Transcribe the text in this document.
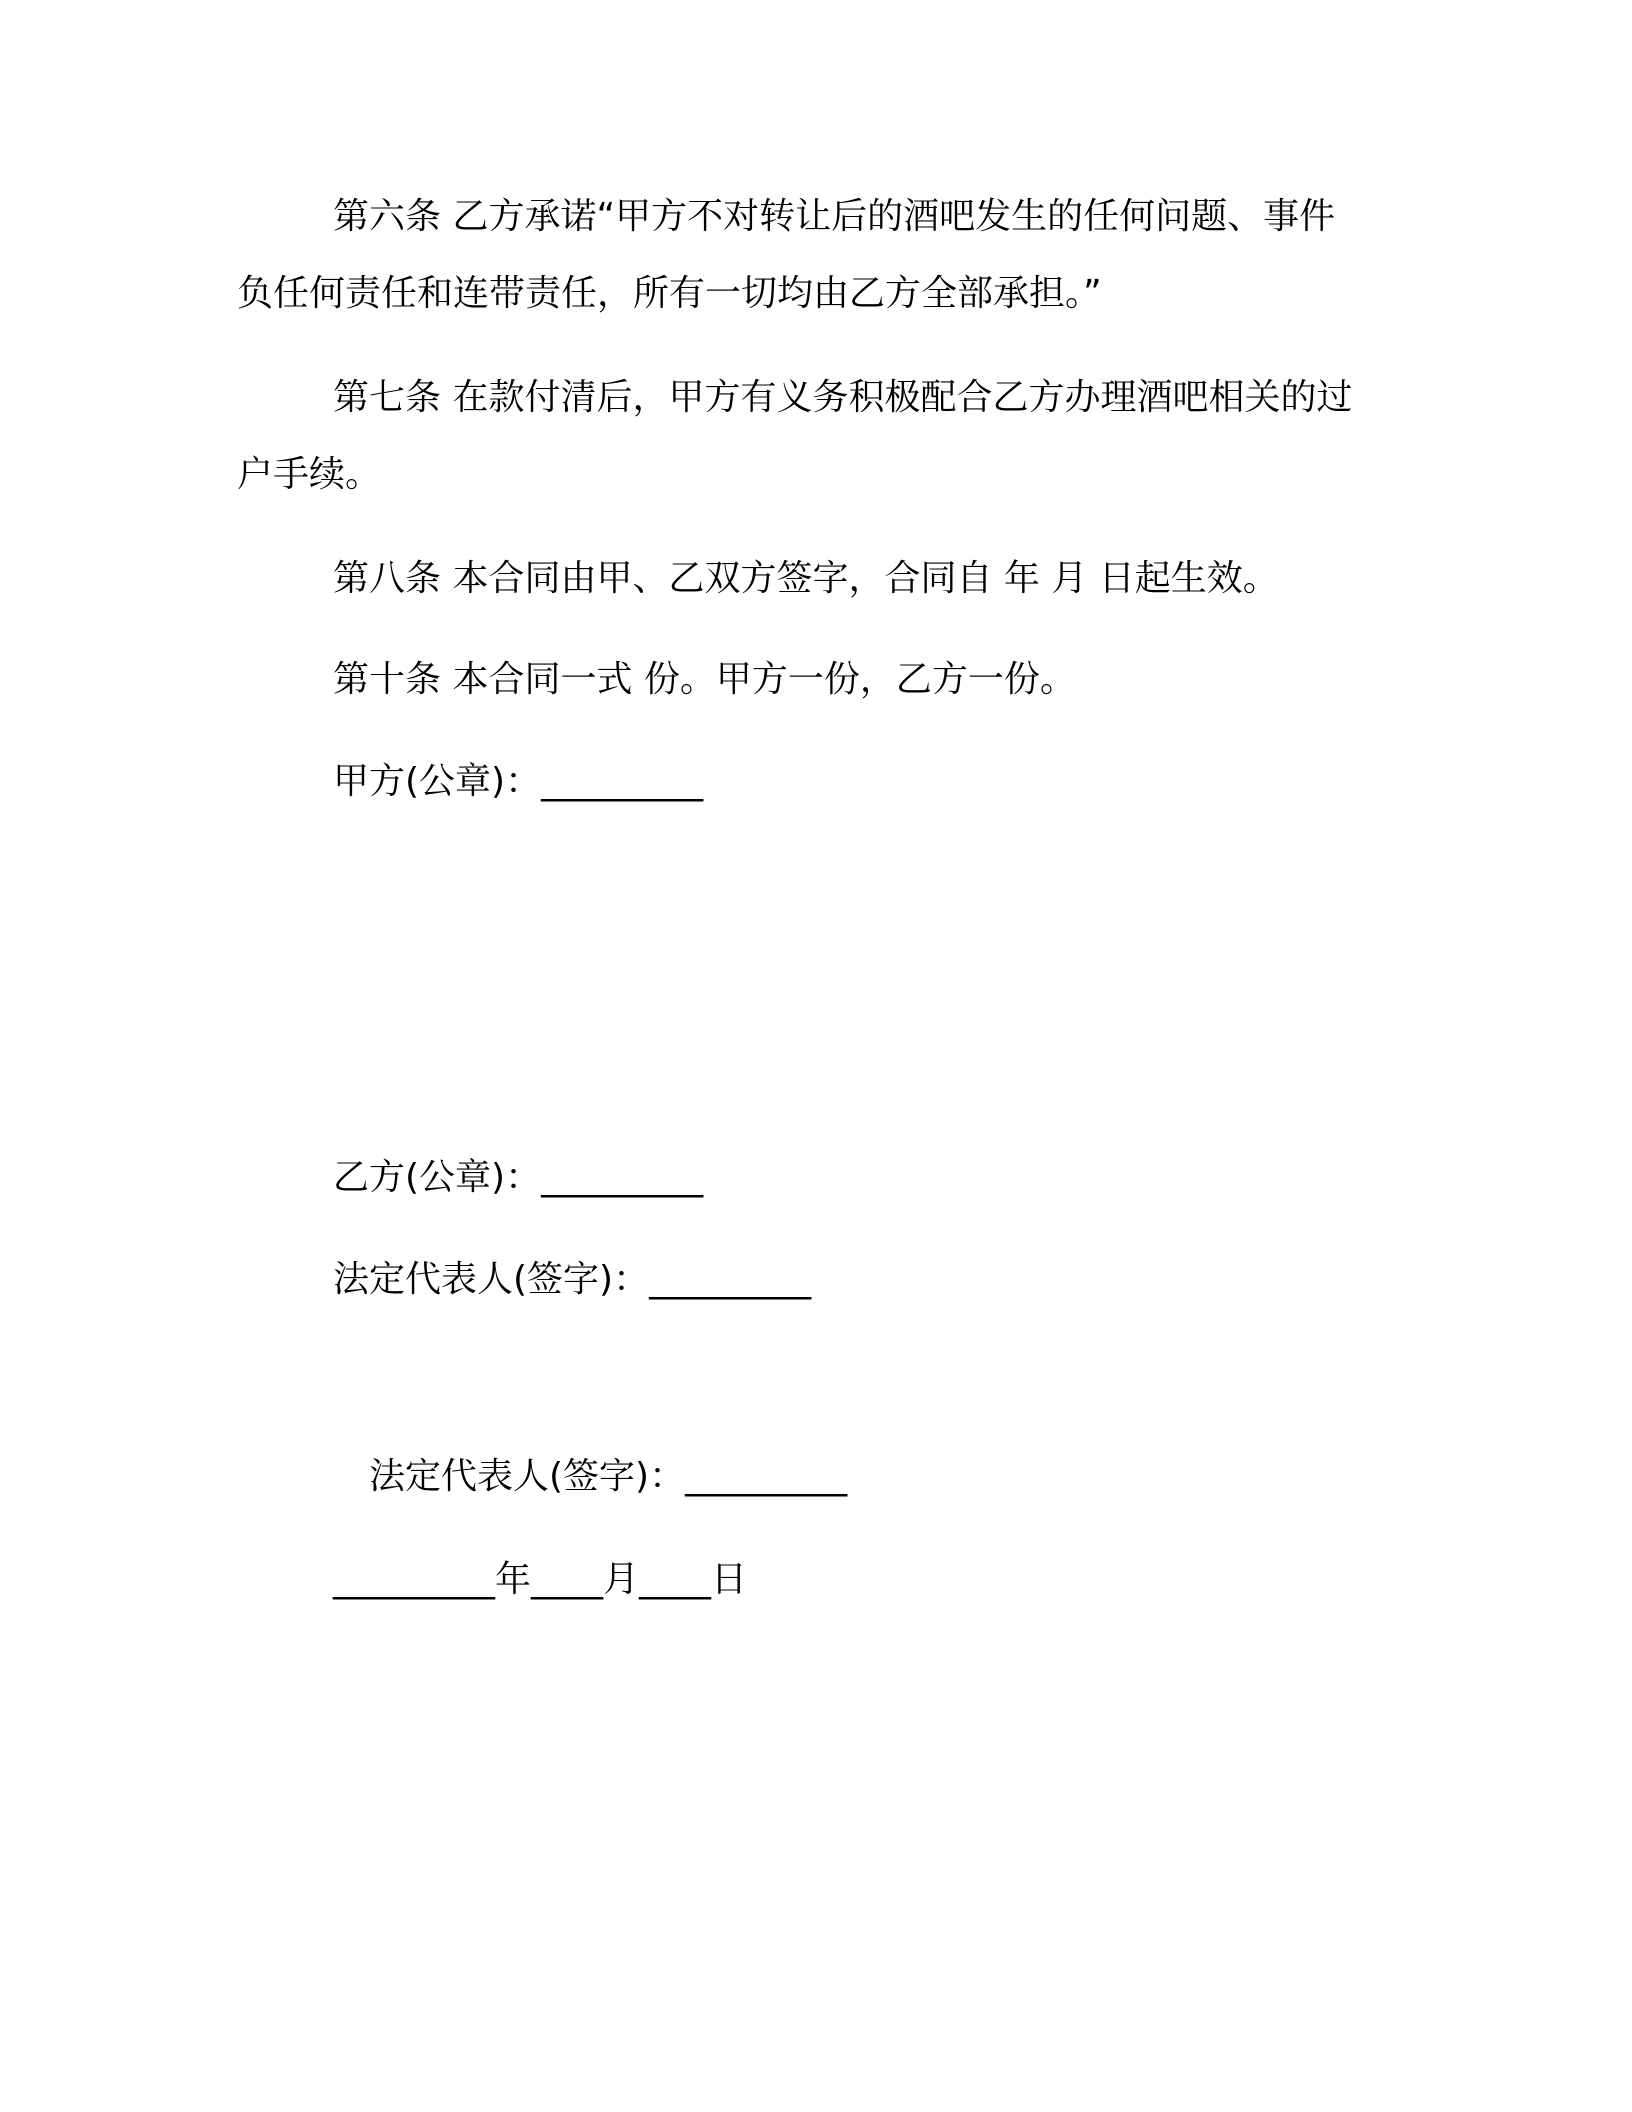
第六条 乙方承诺“甲方不对转让后的酒吧发生的任何问题、事件
负任何责任和连带责任，所有一切均由乙方全部承担。”
第七条 在款付清后，甲方有义务积极配合乙方办理酒吧相关的过
户手续。
第八条 本合同由甲、乙双方签字，合同自 年 月 日起生效。
第十条 本合同一式 份。甲方一份，乙方一份。
甲方(公章)：_________
乙方(公章)：_________
法定代表人(签字)：_________
法定代表人(签字)：_________
_________年____月____日
